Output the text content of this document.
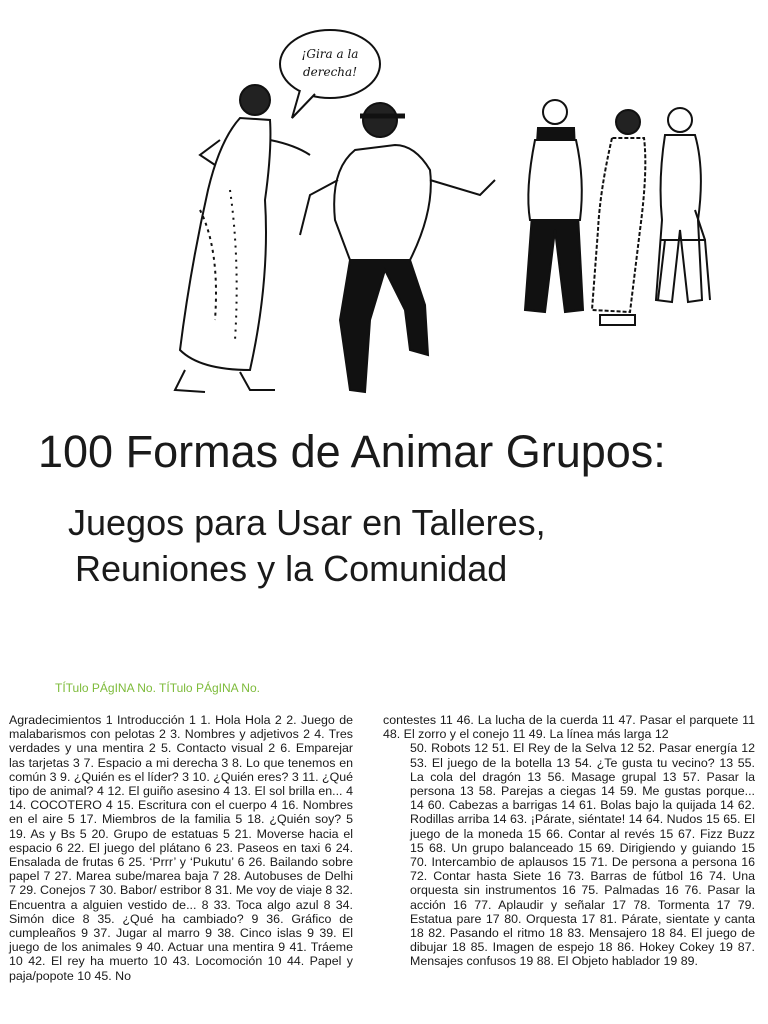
¡Gira a la
derecha!
100 Formas de Animar Grupos:
Juegos para Usar en Talleres,
Reuniones y la Comunidad
TÍTulo PÁgINA No. TÍTulo PÁgINA No.
Agradecimientos 1 Introducción 1 1. Hola Hola 2 2. Juego de malabarismos con pelotas 2 3. Nombres y adjetivos 2 4. Tres verdades y una mentira 2 5. Contacto visual 2 6. Emparejar las tarjetas 3 7. Espacio a mi derecha 3 8. Lo que tenemos en común 3 9. ¿Quién es el líder? 3 10. ¿Quién eres? 3 11. ¿Qué tipo de animal? 4 12. El guiño asesino 4 13. El sol brilla en... 4 14. COCOTERO 4 15. Escritura con el cuerpo 4 16. Nombres en el aire 5 17. Miembros de la familia 5 18. ¿Quién soy? 5 19. As y Bs 5 20. Grupo de estatuas 5 21. Moverse hacia el espacio 6 22. El juego del plátano 6 23. Paseos en taxi 6 24. Ensalada de frutas 6 25. ‘Prrr’ y ‘Pukutu’ 6 26. Bailando sobre papel 7 27. Marea sube/marea baja 7 28. Autobuses de Delhi 7 29. Conejos 7 30. Babor/ estribor 8 31. Me voy de viaje 8 32. Encuentra a alguien vestido de... 8 33. Toca algo azul 8 34. Simón dice 8 35. ¿Qué ha cambiado? 9 36. Gráfico de cumpleaños 9 37. Jugar al marro 9 38. Cinco islas 9 39. El juego de los animales 9 40. Actuar una mentira 9 41. Tráeme 10 42. El rey ha muerto 10 43. Locomoción 10 44. Papel y paja/popote 10 45. No
contestes 11 46. La lucha de la cuerda 11 47. Pasar el parquete 11 48. El zorro y el conejo 11 49. La línea más larga 12
50. Robots 12 51. El Rey de la Selva 12 52. Pasar energía 12 53. El juego de la botella 13 54. ¿Te gusta tu vecino? 13 55. La cola del dragón 13 56. Masage grupal 13 57. Pasar la persona 13 58. Parejas a ciegas 14 59. Me gustas porque... 14 60. Cabezas a barrigas 14 61. Bolas bajo la quijada 14 62. Rodillas arriba 14 63. ¡Párate, siéntate! 14 64. Nudos 15 65. El juego de la moneda 15 66. Contar al revés 15 67. Fizz Buzz 15 68. Un grupo balanceado 15 69. Dirigiendo y guiando 15 70. Intercambio de aplausos 15 71. De persona a persona 16 72. Contar hasta Siete 16 73. Barras de fútbol 16 74. Una orquesta sin instrumentos 16 75. Palmadas 16 76. Pasar la acción 16 77. Aplaudir y señalar 17 78. Tormenta 17 79. Estatua pare 17 80. Orquesta 17 81. Párate, sientate y canta 18 82. Pasando el ritmo 18 83. Mensajero 18 84. El juego de dibujar 18 85. Imagen de espejo 18 86. Hokey Cokey 19 87. Mensajes confusos 19 88. El Objeto hablador 19 89.
